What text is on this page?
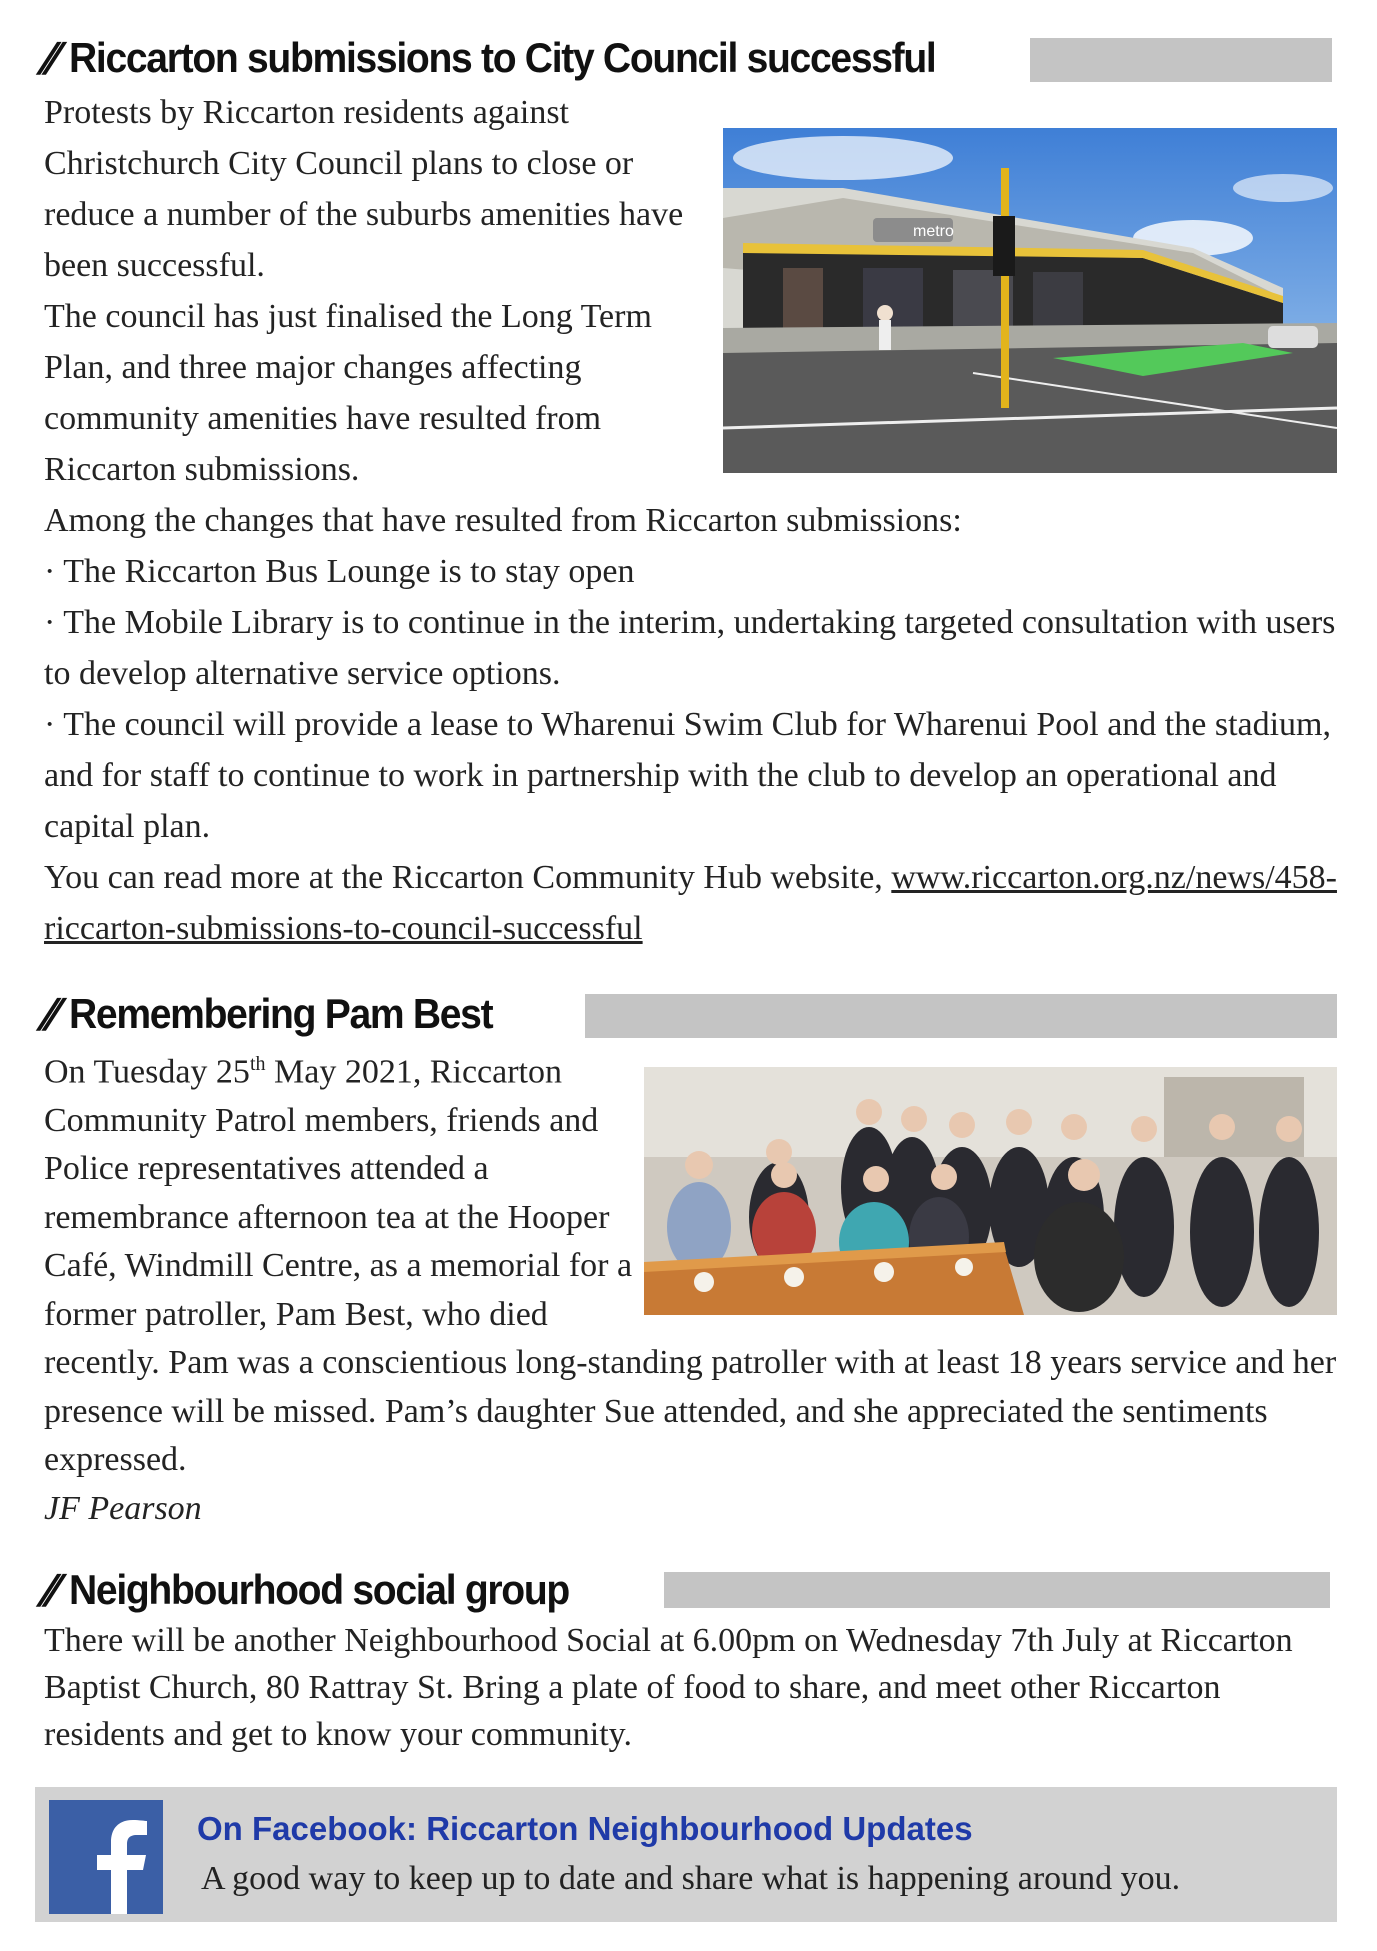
// Riccarton submissions to City Council successful
metro

Protests by Riccarton residents against Christchurch City Council plans to close or reduce a number of the suburbs amenities have been successful.

The council has just finalised the Long Term Plan, and three major changes affecting community amenities have resulted from Riccarton submissions.

Among the changes that have resulted from Riccarton submissions:

· The Riccarton Bus Lounge is to stay open

· The Mobile Library is to continue in the interim, undertaking targeted consultation with users to develop alternative service options.

· The council will provide a lease to Wharenui Swim Club for Wharenui Pool and the stadium, and for staff to continue to work in partnership with the club to develop an operational and capital plan.

You can read more at the Riccarton Community Hub website, www.riccarton.org.nz/news/458-riccarton-submissions-to-council-successful

// Remembering Pam Best

On Tuesday 25th May 2021, Riccarton Community Patrol members, friends and Police representatives attended a remembrance afternoon tea at the Hooper Café, Windmill Centre, as a memorial for a former patroller, Pam Best, who died recently. Pam was a conscientious long-standing patroller with at least 18 years service and her presence will be missed. Pam’s daughter Sue attended, and she appreciated the sentiments expressed.

JF Pearson

// Neighbourhood social group

There will be another Neighbourhood Social at 6.00pm on Wednesday 7th July at Riccarton Baptist Church, 80 Rattray St. Bring a plate of food to share, and meet other Riccarton residents and get to know your community.

On Facebook: Riccarton Neighbourhood Updates
A good way to keep up to date and share what is happening around you.
